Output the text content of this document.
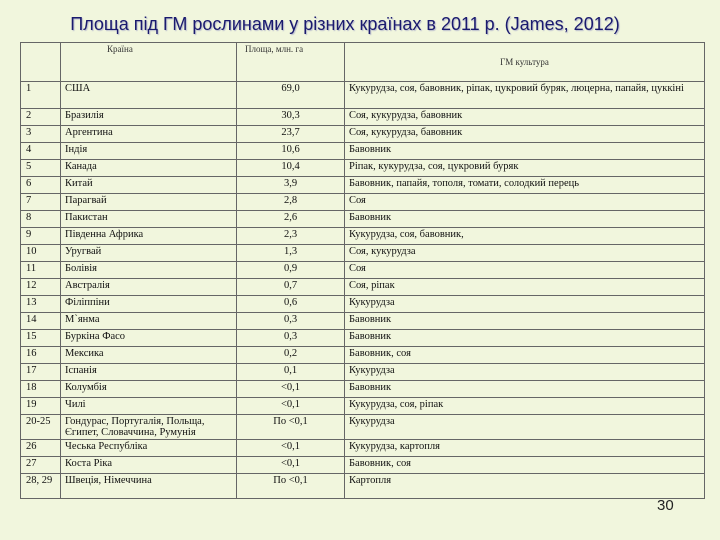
Площа під ГМ рослинами у різних країнах в 2011 р. (James, 2012)
	Країна	Площа, млн. га	ГМ культура
1	США	69,0	Кукурудза, соя, бавовник, ріпак, цукровий буряк, люцерна, папайя, цуккіні
2	Бразилія	30,3	Соя, кукурудза, бавовник
3	Аргентина	23,7	Соя, кукурудза, бавовник
4	Індія	10,6	Бавовник
5	Канада	10,4	Ріпак, кукурудза, соя, цукровий буряк
6	Китай	3,9	Бавовник, папайя, тополя, томати, солодкий перець
7	Парагвай	2,8	Соя
8	Пакистан	2,6	Бавовник
9	Південна Африка	2,3	Кукурудза, соя, бавовник,
10	Уругвай	1,3	Соя, кукурудза
11	Болівія	0,9	Соя
12	Австралія	0,7	Соя, ріпак
13	Філіппіни	0,6	Кукурудза
14	М`янма	0,3	Бавовник
15	Буркіна Фасо	0,3	Бавовник
16	Мексика	0,2	Бавовник, соя
17	Іспанія	0,1	Кукурудза
18	Колумбія	<0,1	Бавовник
19	Чилі	<0,1	Кукурудза, соя, ріпак
20-25	Гондурас, Португалія, Польща, Єгипет, Словаччина, Румунія	По <0,1	Кукурудза
26	Чеська Республіка	<0,1	Кукурудза, картопля
27	Коста Ріка	<0,1	Бавовник, соя
28, 29	Швеція, Німеччина	По <0,1	Картопля
30
